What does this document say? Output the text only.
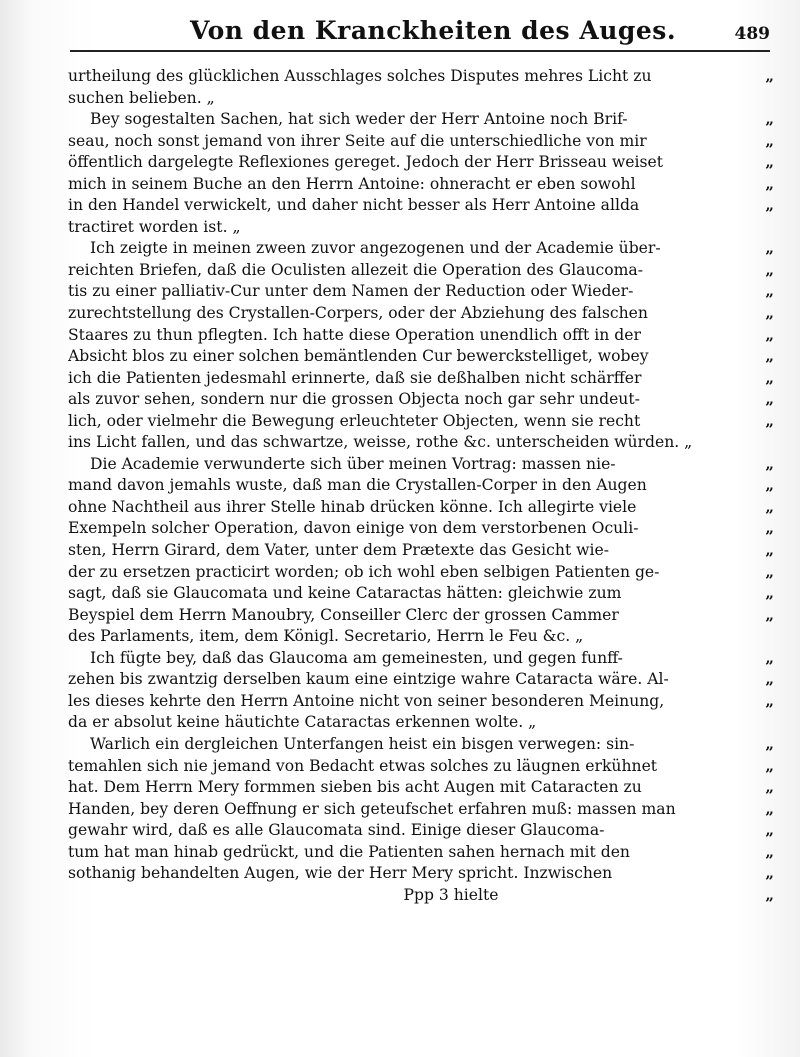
Von den Kranckheiten des Auges.	489
urtheilung des glücklichen Ausschlages solches Disputes mehres Licht zu	„
suchen belieben. „
Bey sogestalten Sachen, hat sich weder der Herr Antoine noch Brif-	„
seau, noch sonst jemand von ihrer Seite auf die unterschiedliche von mir	„
öffentlich dargelegte Reflexiones gereget. Jedoch der Herr Brisseau weiset	„
mich in seinem Buche an den Herrn Antoine: ohneracht er eben sowohl	„
in den Handel verwickelt, und daher nicht besser als Herr Antoine allda	„
tractiret worden ist. „
Ich zeigte in meinen zween zuvor angezogenen und der Academie über-	„
reichten Briefen, daß die Oculisten allezeit die Operation des Glaucoma-	„
tis zu einer palliativ-Cur unter dem Namen der Reduction oder Wieder-	„
zurechtstellung des Crystallen-Corpers, oder der Abziehung des falschen	„
Staares zu thun pflegten. Ich hatte diese Operation unendlich offt in der	„
Absicht blos zu einer solchen bemäntlenden Cur bewerckstelliget, wobey	„
ich die Patienten jedesmahl erinnerte, daß sie deßhalben nicht schärffer	„
als zuvor sehen, sondern nur die grossen Objecta noch gar sehr undeut-	„
lich, oder vielmehr die Bewegung erleuchteter Objecten, wenn sie recht	„
ins Licht fallen, und das schwartze, weisse, rothe &c. unterscheiden würden. „
Die Academie verwunderte sich über meinen Vortrag: massen nie-	„
mand davon jemahls wuste, daß man die Crystallen-Corper in den Augen	„
ohne Nachtheil aus ihrer Stelle hinab drücken könne. Ich allegirte viele	„
Exempeln solcher Operation, davon einige von dem verstorbenen Oculi-	„
sten, Herrn Girard, dem Vater, unter dem Prætexte das Gesicht wie-	„
der zu ersetzen practicirt worden; ob ich wohl eben selbigen Patienten ge-	„
sagt, daß sie Glaucomata und keine Cataractas hätten: gleichwie zum	„
Beyspiel dem Herrn Manoubry, Conseiller Clerc der grossen Cammer	„
des Parlaments, item, dem Königl. Secretario, Herrn le Feu &c. „
Ich fügte bey, daß das Glaucoma am gemeinesten, und gegen funff-	„
zehen bis zwantzig derselben kaum eine eintzige wahre Cataracta wäre. Al-	„
les dieses kehrte den Herrn Antoine nicht von seiner besonderen Meinung,	„
da er absolut keine häutichte Cataractas erkennen wolte. „
Warlich ein dergleichen Unterfangen heist ein bisgen verwegen: sin-	„
temahlen sich nie jemand von Bedacht etwas solches zu läugnen erkühnet	„
hat. Dem Herrn Mery formmen sieben bis acht Augen mit Cataracten zu	„
Handen, bey deren Oeffnung er sich geteufschet erfahren muß: massen man	„
gewahr wird, daß es alle Glaucomata sind. Einige dieser Glaucoma-	„
tum hat man hinab gedrückt, und die Patienten sahen hernach mit den	„
sothanig behandelten Augen, wie der Herr Mery spricht. Inzwischen	„
Ppp 3 hielte	„
